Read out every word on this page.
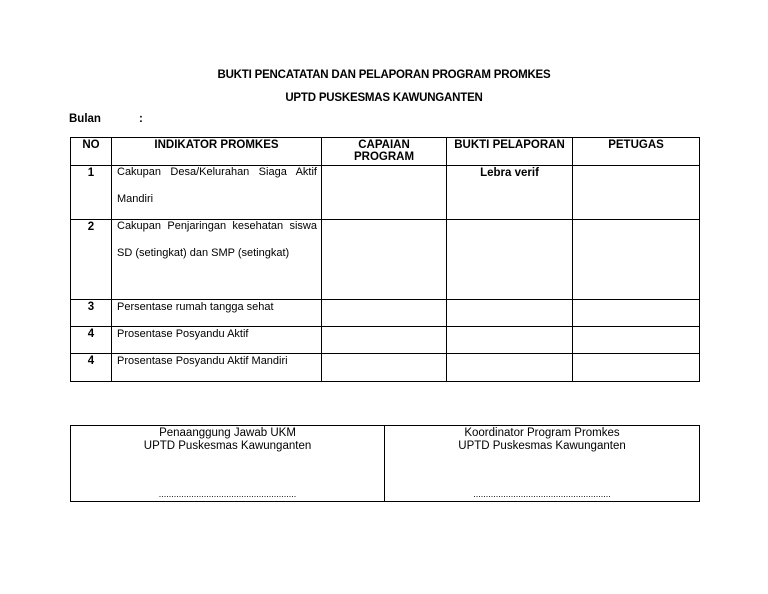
BUKTI PENCATATAN DAN PELAPORAN PROGRAM PROMKES
UPTD PUSKESMAS KAWUNGANTEN
Bulan	:
NO	INDIKATOR PROMKES	CAPAIAN PROGRAM	BUKTI PELAPORAN	PETUGAS
1	Cakupan Desa/Kelurahan Siaga Aktif Mandiri		Lebra verif	
2	Cakupan Penjaringan kesehatan siswa SD (setingkat) dan SMP (setingkat)			

3	Persentase rumah tangga sehat			

4	Prosentase Posyandu Aktif			

4	Prosentase Posyandu Aktif Mandiri			

Penaanggung Jawab UKM
UPTD Puskesmas Kawunganten
.......................................................

Koordinator Program Promkes
UPTD Puskesmas Kawunganten
.......................................................
